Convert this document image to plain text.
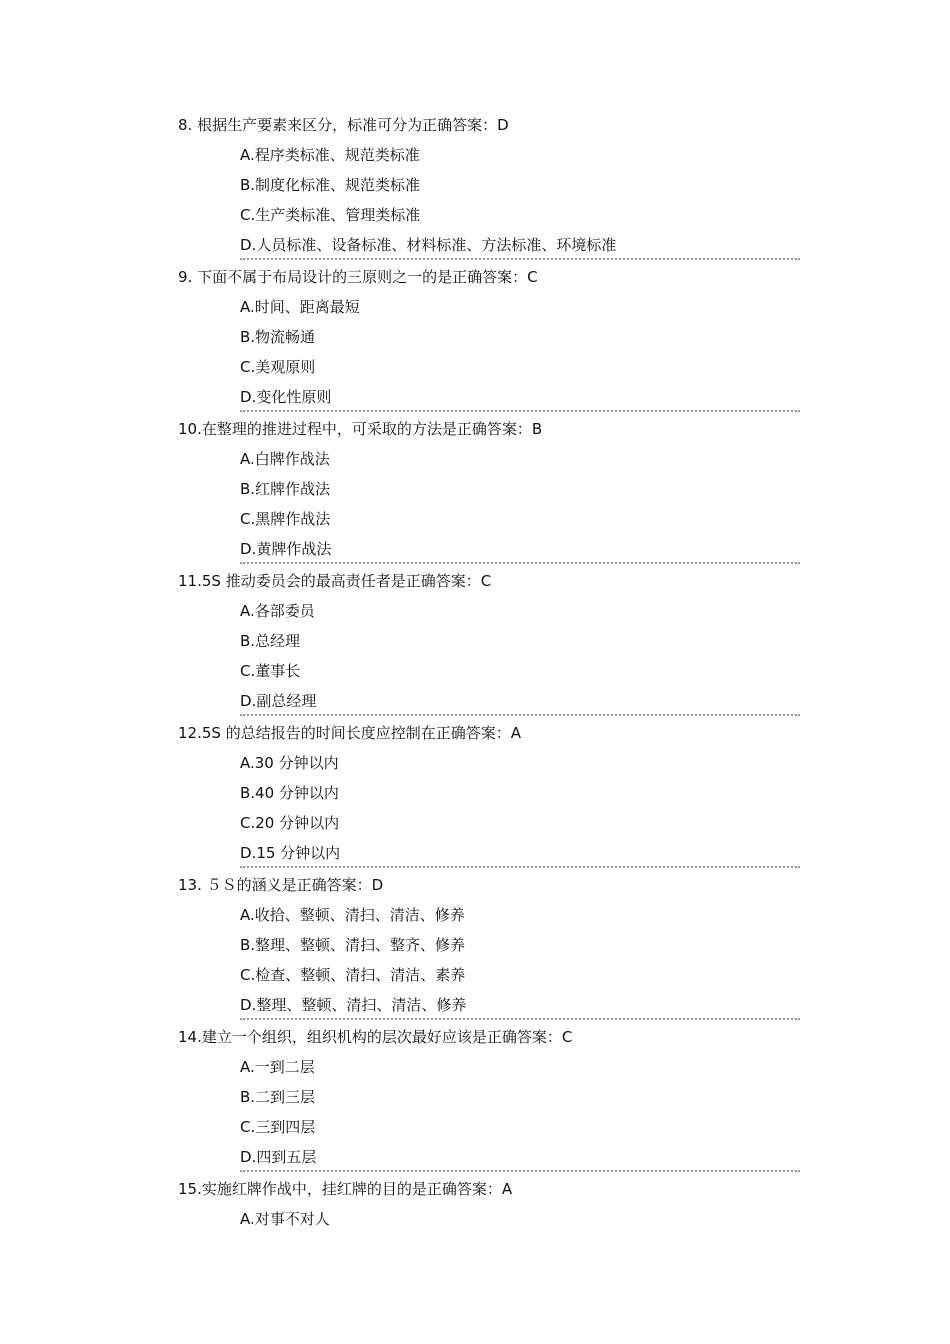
8. 根据生产要素来区分，标准可分为正确答案：D
A.程序类标准、规范类标准
B.制度化标准、规范类标准
C.生产类标准、管理类标准
D.人员标准、设备标准、材料标准、方法标准、环境标准
9. 下面不属于布局设计的三原则之一的是正确答案：C
A.时间、距离最短
B.物流畅通
C.美观原则
D.变化性原则
10.在整理的推进过程中，可采取的方法是正确答案：B
A.白牌作战法
B.红牌作战法
C.黑牌作战法
D.黄牌作战法
11.5S 推动委员会的最高责任者是正确答案：C
A.各部委员
B.总经理
C.董事长
D.副总经理
12.5S 的总结报告的时间长度应控制在正确答案：A
A.30 分钟以内
B.40 分钟以内
C.20 分钟以内
D.15 分钟以内
13. ５Ｓ的涵义是正确答案：D
A.收拾、整顿、清扫、清洁、修养
B.整理、整顿、清扫、整齐、修养
C.检查、整顿、清扫、清洁、素养
D.整理、整顿、清扫、清洁、修养
14.建立一个组织，组织机构的层次最好应该是正确答案：C
A.一到二层
B.二到三层
C.三到四层
D.四到五层
15.实施红牌作战中，挂红牌的目的是正确答案：A
A.对事不对人
